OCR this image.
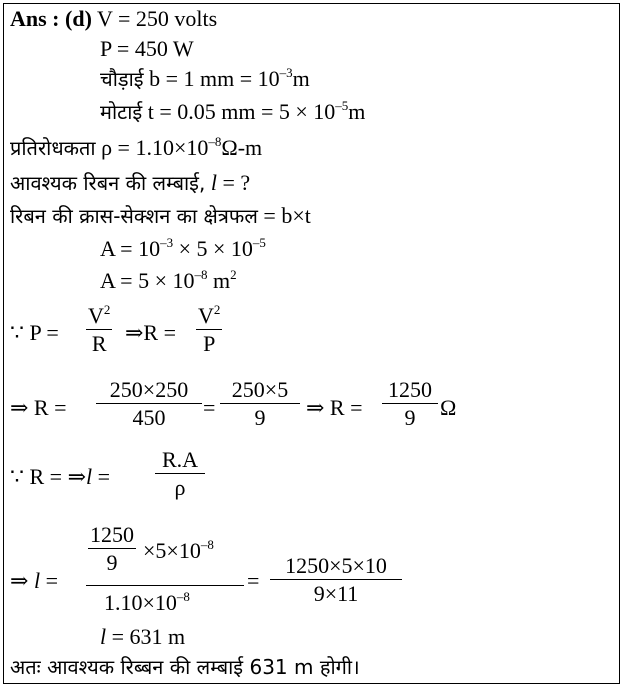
Ans : (d) V = 250 volts
P = 450 W
चौड़ाई b = 1 mm = $10^{-3}m$
मोटाई t = 0.05 mm = $5 \times 10^{-5}m$
प्रतिरोधकता $\rho = 1.10\times 10^{-8}\Omega-m$
आवश्यक रिबन की लम्बाई, l = ?
रिबन की क्रास-सेक्शन का क्षेत्रफल = b×t
$A = 10^{-3} \times 5 \times 10^{-5}$
$A = 5 \times 10^{-8}$ $m^2$
∵ P =
$V^2$
R ⇒R =
$V^2$
P
⇒ R =
250×250
450	=
250×5
9	⇒ R =
1250
9	Ω
∵ R = ⇒l =
R.A
ρ
⇒ l =
1250
9	$\times 5\times 10^{-8}$
$1.10\times 10^{-8}$
=
1250×5×10
9×11
l = 631 m
अतः आवश्यक रिब्बन की लम्बाई 631 m होगी।
